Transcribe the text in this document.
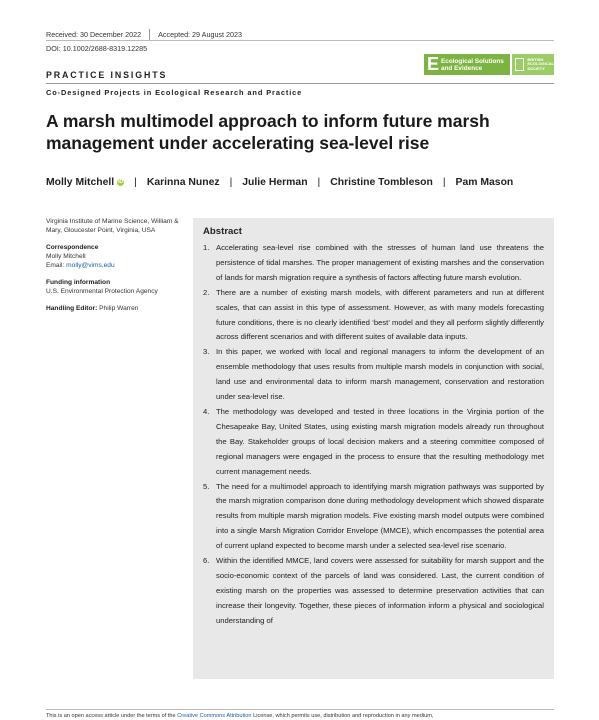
Received: 30 December 2022 Accepted: 29 August 2023
DOI: 10.1002/2688-8319.12285
E Ecological Solutions
and Evidence
BRITISH
ECOLOGICAL
SOCIETY
PRACTICE INSIGHTS
Co-Designed Projects in Ecological Research and Practice
A marsh multimodel approach to inform future marsh management under accelerating sea-level rise
Molly Mitchell iD | Karinna Nunez | Julie Herman | Christine Tombleson | Pam Mason
Virginia Institute of Marine Science, William & Mary, Gloucester Point, Virginia, USA
Correspondence
Molly Mitchell
Email: molly@vims.edu
Funding information
U.S. Environmental Protection Agency
Handling Editor: Philip Warren
Abstract
1. Accelerating sea-level rise combined with the stresses of human land use threatens the persistence of tidal marshes. The proper management of existing marshes and the conservation of lands for marsh migration require a synthesis of factors affecting future marsh evolution.
2. There are a number of existing marsh models, with different parameters and run at different scales, that can assist in this type of assessment. However, as with many models forecasting future conditions, there is no clearly identified ‘best’ model and they all perform slightly differently across different scenarios and with different suites of available data inputs.
3. In this paper, we worked with local and regional managers to inform the development of an ensemble methodology that uses results from multiple marsh models in conjunction with social, land use and environmental data to inform marsh management, conservation and restoration under sea-level rise.
4. The methodology was developed and tested in three locations in the Virginia portion of the Chesapeake Bay, United States, using existing marsh migration models already run throughout the Bay. Stakeholder groups of local decision makers and a steering committee composed of regional managers were engaged in the process to ensure that the resulting methodology met current management needs.
5. The need for a multimodel approach to identifying marsh migration pathways was supported by the marsh migration comparison done during methodology development which showed disparate results from multiple marsh migration models. Five existing marsh model outputs were combined into a single Marsh Migration Corridor Envelope (MMCE), which encompasses the potential area of current upland expected to become marsh under a selected sea-level rise scenario.
6. Within the identified MMCE, land covers were assessed for suitability for marsh support and the socio-economic context of the parcels of land was considered. Last, the current condition of existing marsh on the properties was assessed to determine preservation activities that can increase their longevity. Together, these pieces of information inform a physical and sociological understanding of
This is an open access article under the terms of the Creative Commons Attribution License, which permits use, distribution and reproduction in any medium,
